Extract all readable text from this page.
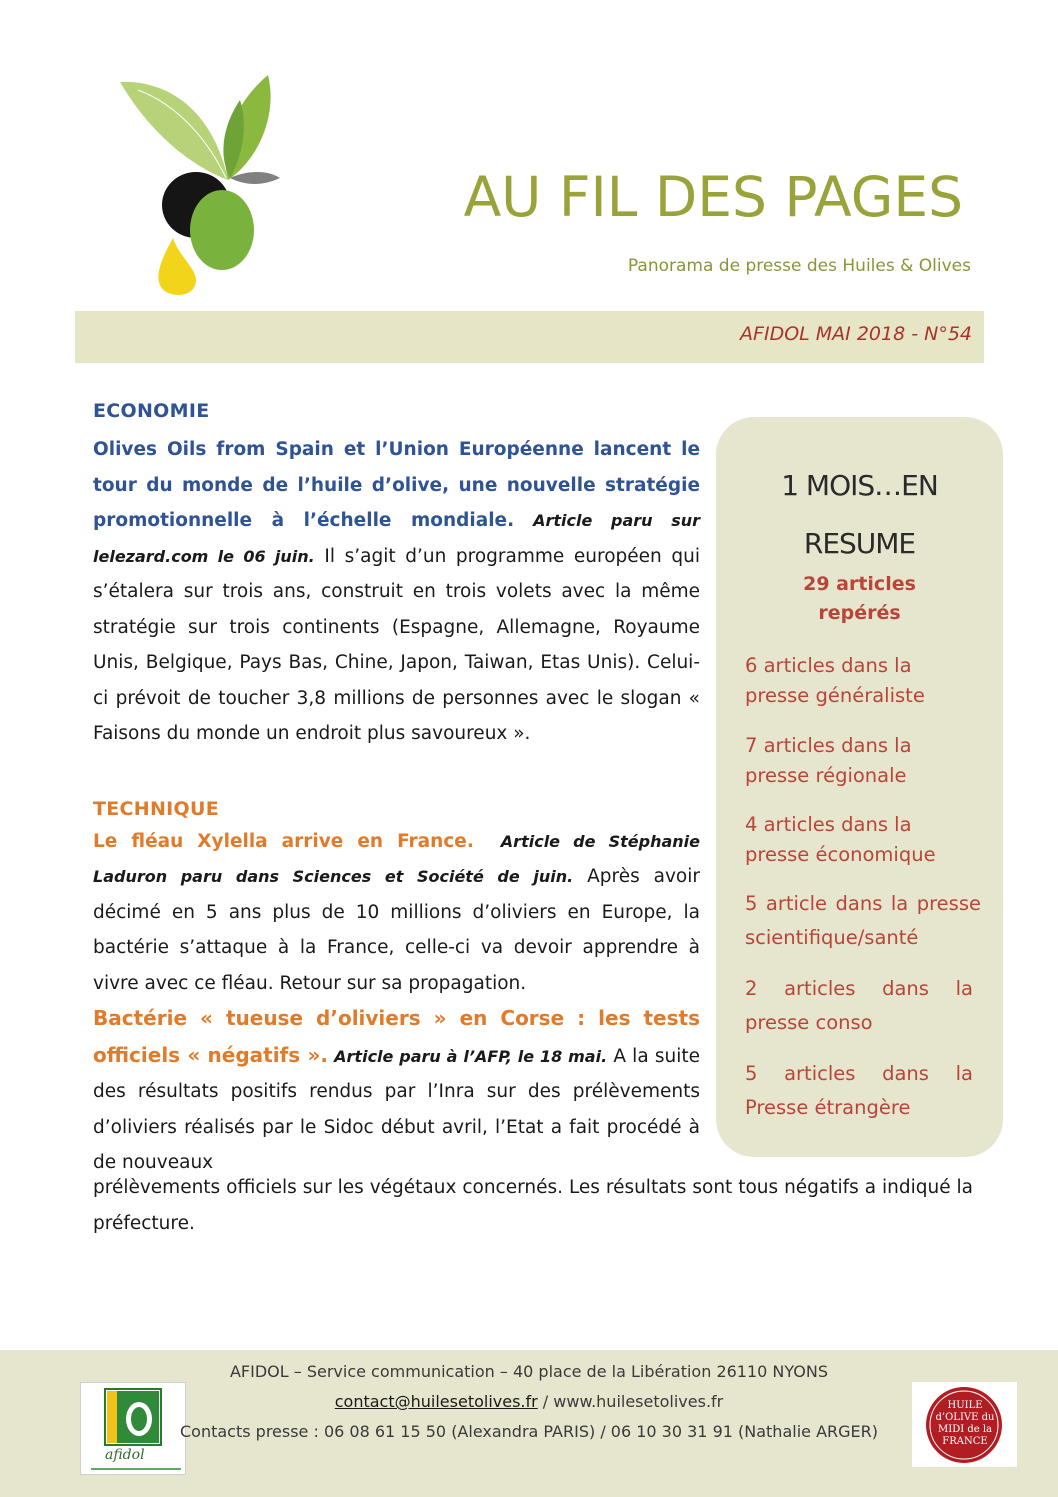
AU FIL DES PAGES
Panorama de presse des Huiles & Olives
AFIDOL MAI 2018 - N°54
ECONOMIE

Olives Oils from Spain et l’Union Européenne lancent le tour du monde de l’huile d’olive, une nouvelle stratégie promotionnelle à l’échelle mondiale. Article paru sur lelezard.com le 06 juin. Il s’agit d’un programme européen qui s’étalera sur trois ans, construit en trois volets avec la même stratégie sur trois continents (Espagne, Allemagne, Royaume Unis, Belgique, Pays Bas, Chine, Japon, Taiwan, Etas Unis). Celui-ci prévoit de toucher 3,8 millions de personnes avec le slogan « Faisons du monde un endroit plus savoureux ».

TECHNIQUE

Le fléau Xylella arrive en France. Article de Stéphanie Laduron paru dans Sciences et Société de juin. Après avoir décimé en 5 ans plus de 10 millions d’oliviers en Europe, la bactérie s’attaque à la France, celle-ci va devoir apprendre à vivre avec ce fléau. Retour sur sa propagation.

Bactérie « tueuse d’oliviers » en Corse : les tests officiels « négatifs ». Article paru à l’AFP, le 18 mai. A la suite des résultats positifs rendus par l’Inra sur des prélèvements d’oliviers réalisés par le Sidoc début avril, l’Etat a fait procédé à de nouveaux

prélèvements officiels sur les végétaux concernés. Les résultats sont tous négatifs a indiqué la préfecture.

1 MOIS…EN
RESUME
29 articles
repérés
6 articles dans la presse généraliste
7 articles dans la presse régionale
4 articles dans la presse économique
5 article dans la presse scientifique/santé
2 articles dans la presse conso
5 articles dans la Presse étrangère
afidol
AFIDOL – Service communication – 40 place de la Libération 26110 NYONS
contact@huilesetolives.fr / www.huilesetolives.fr
Contacts presse : 06 08 61 15 50 (Alexandra PARIS) / 06 10 30 31 91 (Nathalie ARGER)
HUILE d’OLIVE du MIDI de la FRANCE
